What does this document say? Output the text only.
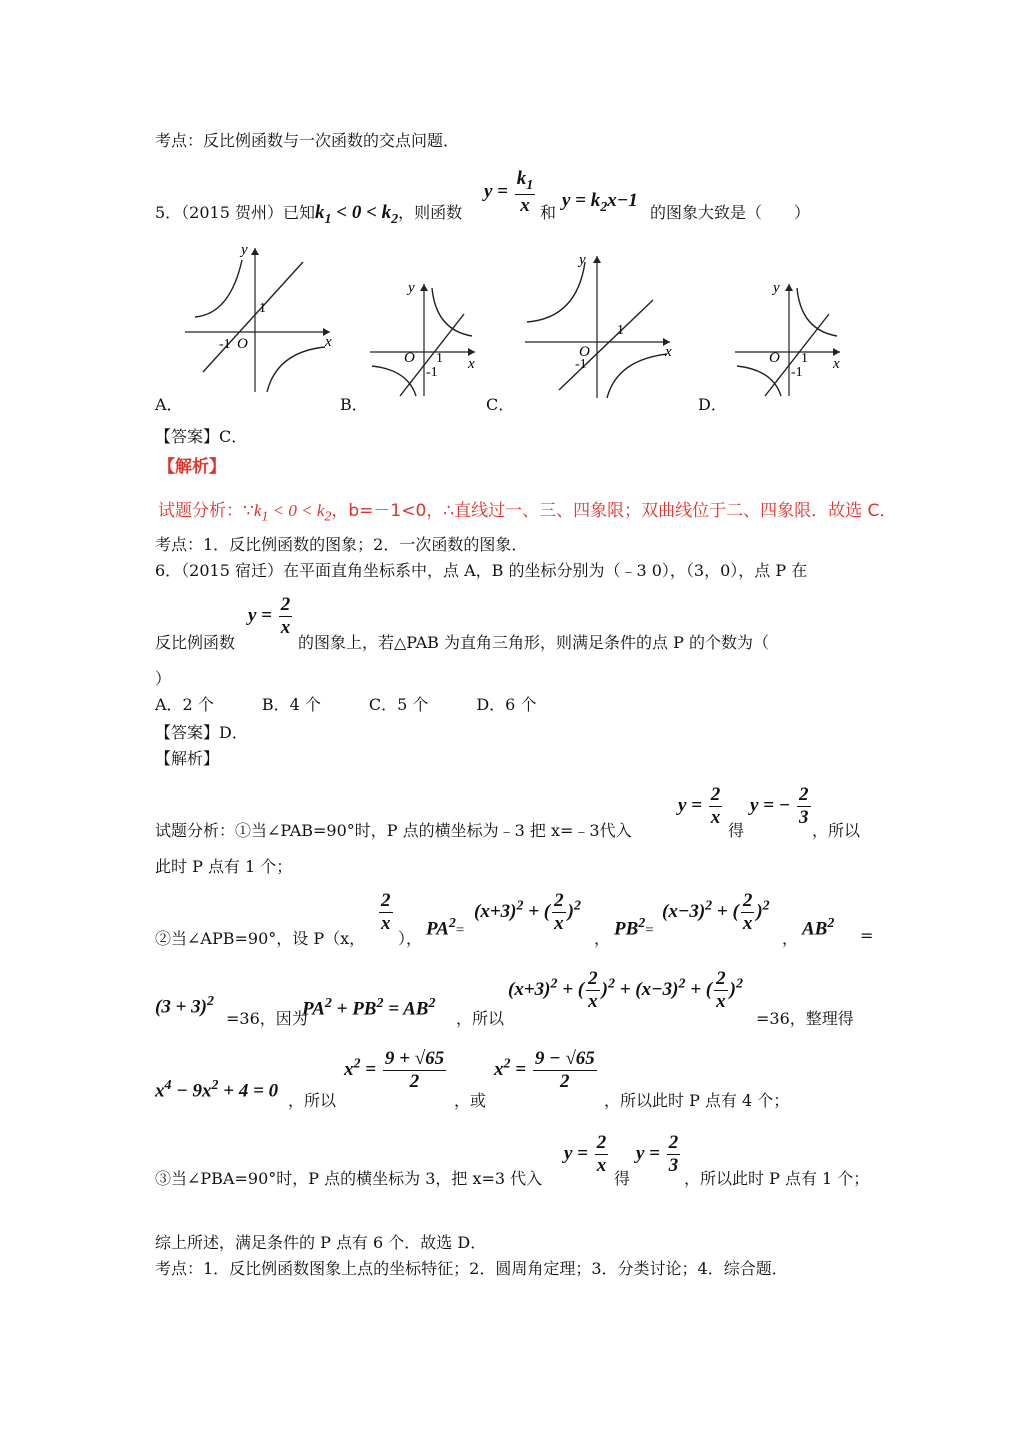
考点：反比例函数与一次函数的交点问题．
5．（2015 贺州）已知$k_1 < 0 < k_2$，则函数
$y = \frac{k_1}{x}$ 和
$y = k_2x-1$
的图象大致是（　　）
y
x
-1 O
1
A．
y
x
O 1
-1
B．
y
x
O
1
-1
C．
y
x
O 1
-1
D．
【答案】C．
【解析】
试题分析：$\because k_1 < 0 < k_2$，b=－1<0，∴直线过一、三、四象限；双曲线位于二、四象限．故选 C．
考点：1．反比例函数的图象；2．一次函数的图象．
6．（2015 宿迁）在平面直角坐标系中，点 A，B 的坐标分别为（﹣3 0），（3，0），点 P 在
$y = \frac{2}{x}$
反比例函数	的图象上，若△PAB 为直角三角形，则满足条件的点 P 的个数为（
）
A．2 个　　　B．4 个　　　C．5 个　　　D．6 个
【答案】D．
【解析】
试题分析：①当∠PAB=90°时，P 点的横坐标为﹣3 把 x=﹣3代入
$y = \frac{2}{x}$
得
y = − $\frac{2}{3}$
，所以
此时 P 点有 1 个；
②当∠APB=90°，设 P（x，
$\frac{2}{x}$
）， $PA^2=$
$(x+3)^2$ + ( $\frac{2}{x} )^2$
， $PB^2=$
$(x-3)^2$ + ( $\frac{2}{x} )^2$
， $AB^2$
=
$(3 + 3)^2$
=36，因为
$PA^2 + PB^2 = AB^2$
，所以
$(x+3)^2$ + ( $\frac{2}{x} )^2 + (x-3)^2$ + ( $\frac{2}{x} )^2$
=36，整理得
$x^4 - 9x^2 + 4 = 0$ ，所以
$x^2 = \frac{9 + √65}{2}$
，或
$x^2 = \frac{9 - √65}{2}$
，所以此时 P 点有 4 个；
③当∠PBA=90°时，P 点的横坐标为 3，把 x=3 代入
$y = \frac{2}{x}$
得
$y = \frac{2}{3}$
，所以此时 P 点有 1 个；
综上所述，满足条件的 P 点有 6 个．故选 D．
考点：1．反比例函数图象上点的坐标特征；2．圆周角定理；3．分类讨论；4．综合题．
